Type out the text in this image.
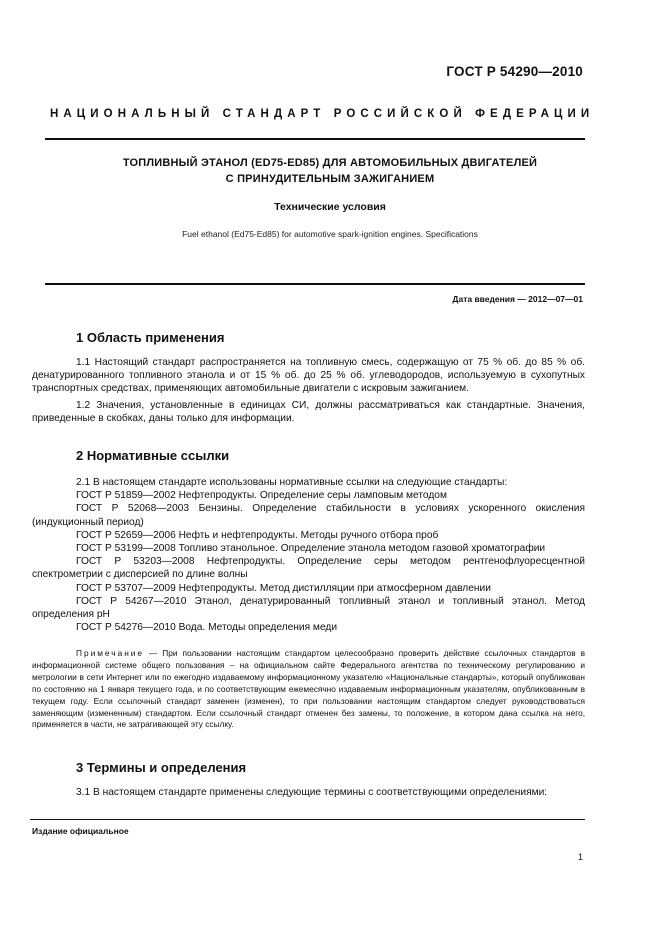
ГОСТ Р 54290—2010
НАЦИОНАЛЬНЫЙ СТАНДАРТ РОССИЙСКОЙ ФЕДЕРАЦИИ
ТОПЛИВНЫЙ ЭТАНОЛ (ED75-ED85) ДЛЯ АВТОМОБИЛЬНЫХ ДВИГАТЕЛЕЙ
С ПРИНУДИТЕЛЬНЫМ ЗАЖИГАНИЕМ
Технические условия
Fuel ethanol (Ed75-Ed85) for automotive spark-ignition engines. Specifications
Дата введения — 2012—07—01
1 Область применения

1.1 Настоящий стандарт распространяется на топливную смесь, содержащую от 75 % об. до 85 % об. денатурированного топливного этанола и от 15 % об. до 25 % об. углеводородов, используемую в сухопутных транспортных средствах, применяющих автомобильные двигатели с искровым зажиганием.

1.2 Значения, установленные в единицах СИ, должны рассматриваться как стандартные. Значения, приведенные в скобках, даны только для информации.

2 Нормативные ссылки

2.1 В настоящем стандарте использованы нормативные ссылки на следующие стандарты:

ГОСТ Р 51859—2002 Нефтепродукты. Определение серы ламповым методом

ГОСТ Р 52068—2003 Бензины. Определение стабильности в условиях ускоренного окисления (индукционный период)

ГОСТ Р 52659—2006 Нефть и нефтепродукты. Методы ручного отбора проб

ГОСТ Р 53199—2008 Топливо этанольное. Определение этанола методом газовой хроматографии

ГОСТ Р 53203—2008 Нефтепродукты. Определение серы методом рентгенофлуоресцентной спектрометрии с дисперсией по длине волны

ГОСТ Р 53707—2009 Нефтепродукты. Метод дистилляции при атмосферном давлении

ГОСТ Р 54267—2010 Этанол, денатурированный топливный этанол и топливный этанол. Метод определения pH

ГОСТ Р 54276—2010 Вода. Методы определения меди

Примечание — При пользовании настоящим стандартом целесообразно проверить действие ссылочных стандартов в информационной системе общего пользования – на официальном сайте Федерального агентства по техническому регулированию и метрологии в сети Интернет или по ежегодно издаваемому информационному указателю «Национальные стандарты», который опубликован по состоянию на 1 января текущего года, и по соответствующим ежемесячно издаваемым информационным указателям, опубликованным в текущем году. Если ссылочный стандарт заменен (изменен), то при пользовании настоящим стандартом следует руководствоваться заменяющим (измененным) стандартом. Если ссылочный стандарт отменен без замены, то положение, в котором дана ссылка на него, применяется в части, не затрагивающей эту ссылку.

3 Термины и определения

3.1 В настоящем стандарте применены следующие термины с соответствующими определениями:

Издание официальное
1
